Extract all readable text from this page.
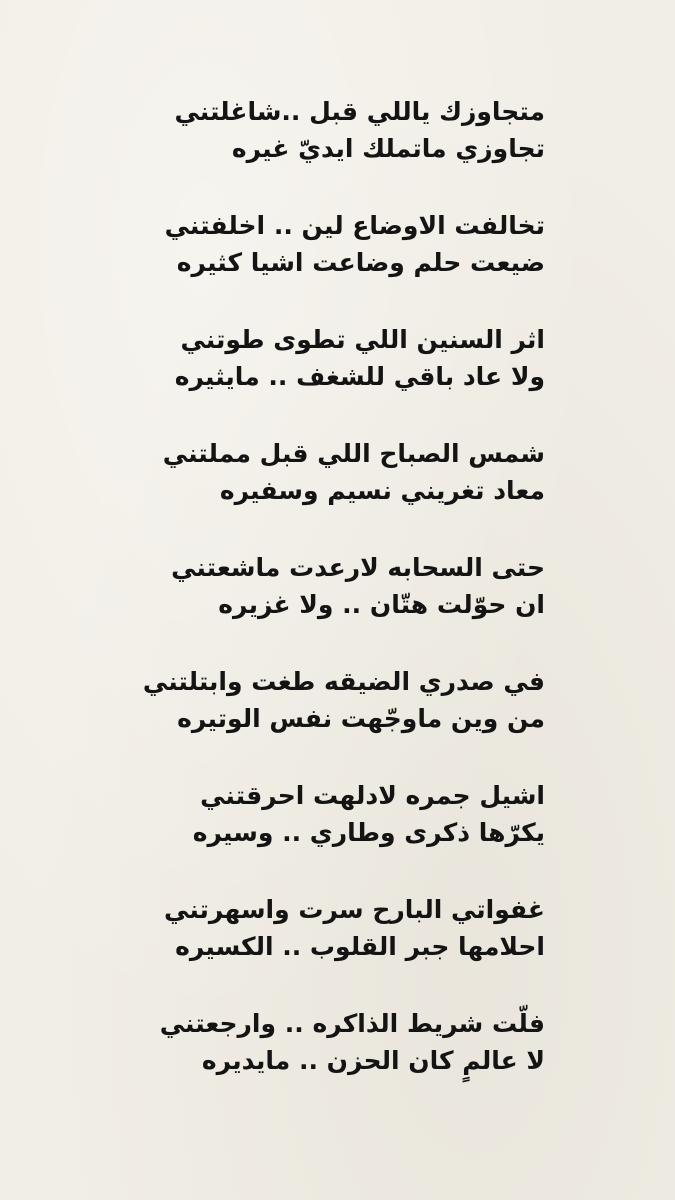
متجاوزك ياللي قبل ..شاغلتني
تجاوزي ماتملك ايديّ غيره
تخالفت الاوضاع لين .. اخلفتني
ضيعت حلم وضاعت اشيا كثيره
اثر السنين اللي تطوى طوتني
ولا عاد باقي للشغف .. مايثيره
شمس الصباح اللي قبل مملتني
معاد تغريني نسيم وسفيره
حتى السحابه لارعدت ماشعتني
ان حوّلت هتّان .. ولا غزيره
في صدري الضيقه طغت وابتلتني
من وين ماوجّهت نفس الوتيره
اشيل جمره لادلهت احرقتني
يكرّها ذكرى وطاري .. وسيره
غفواتي البارح سرت واسهرتني
احلامها جبر القلوب .. الكسيره
فلّت شريط الذاكره .. وارجعتني
لا عالمٍ كان الحزن .. مايديره
